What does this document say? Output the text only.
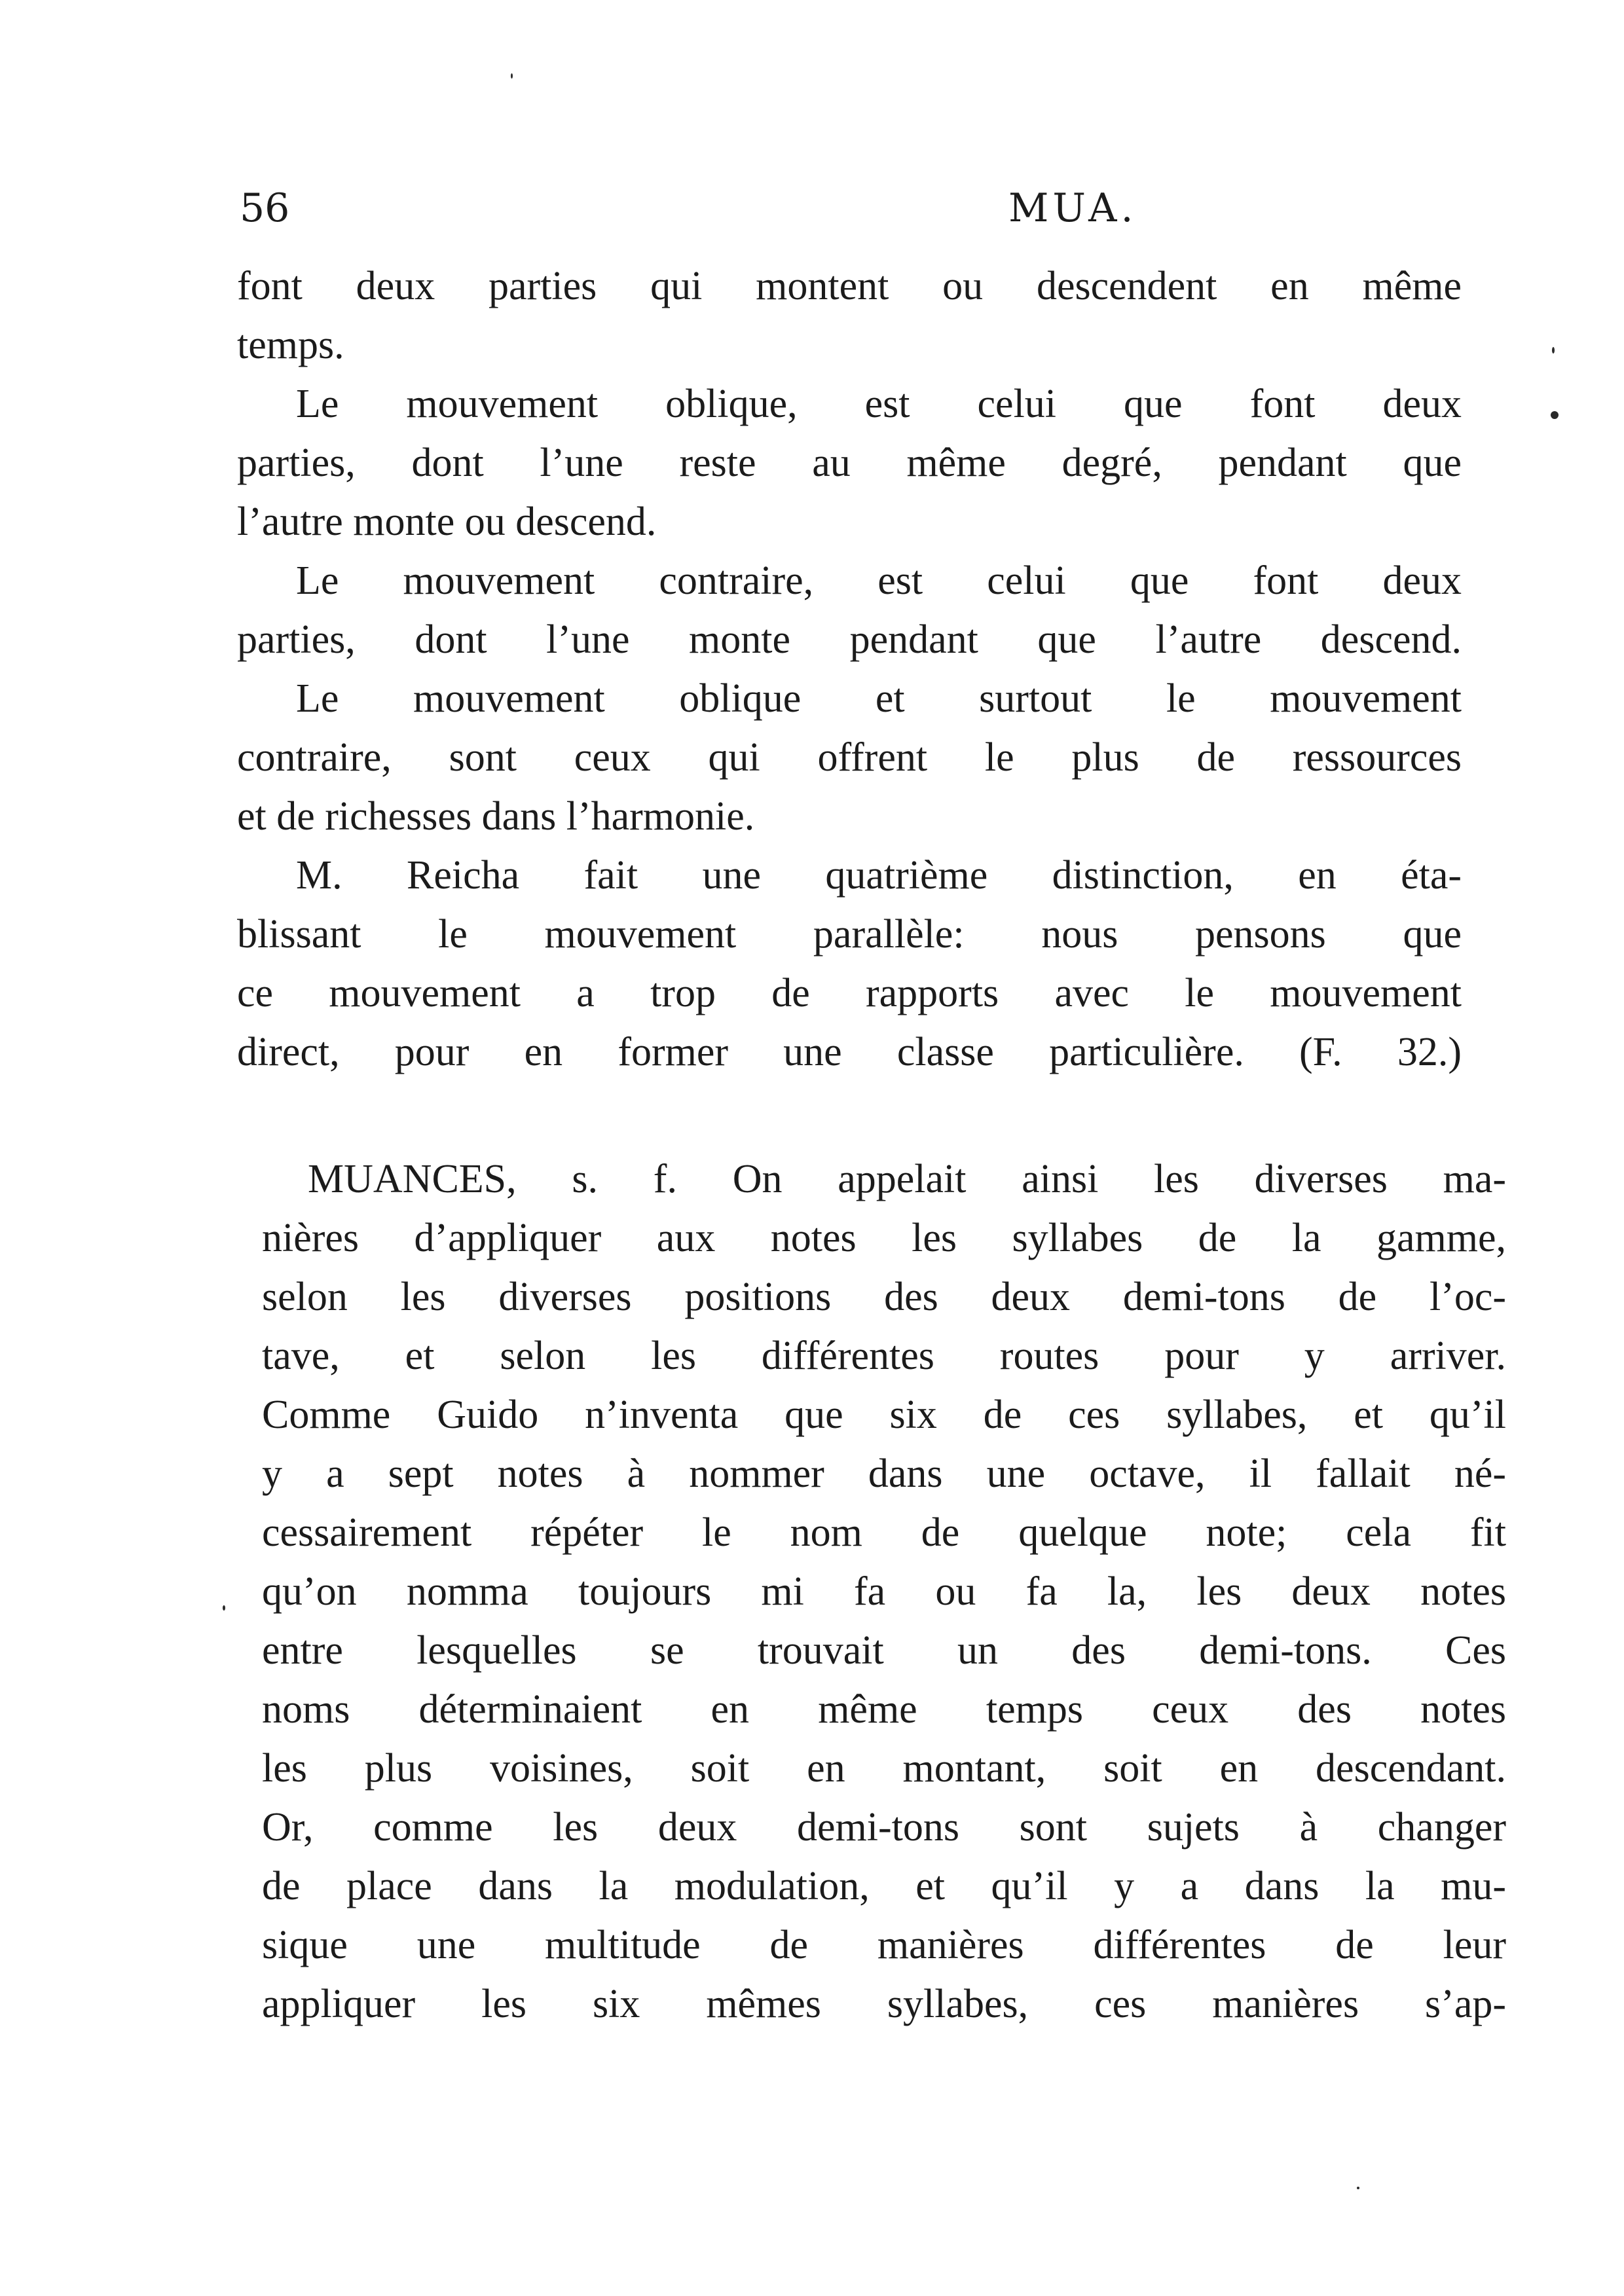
56	MUA.
font deux parties qui montent ou descendent en même
temps.
Le mouvement oblique, est celui que font deux
parties, dont l’une reste au même degré, pendant que
l’autre monte ou descend.
Le mouvement contraire, est celui que font deux
parties, dont l’une monte pendant que l’autre descend.
Le mouvement oblique et surtout le mouvement
contraire, sont ceux qui offrent le plus de ressources
et de richesses dans l’harmonie.
M. Reicha fait une quatrième distinction, en éta-
blissant le mouvement parallèle: nous pensons que
ce mouvement a trop de rapports avec le mouvement
direct, pour en former une classe particulière. (F. 32.)
MUANCES, s. f. On appelait ainsi les diverses ma-
nières d’appliquer aux notes les syllabes de la gamme,
selon les diverses positions des deux demi-tons de l’oc-
tave, et selon les différentes routes pour y arriver.
Comme Guido n’inventa que six de ces syllabes, et qu’il
y a sept notes à nommer dans une octave, il fallait né-
cessairement répéter le nom de quelque note; cela fit
qu’on nomma toujours mi fa ou fa la, les deux notes
entre lesquelles se trouvait un des demi-tons. Ces
noms déterminaient en même temps ceux des notes
les plus voisines, soit en montant, soit en descendant.
Or, comme les deux demi-tons sont sujets à changer
de place dans la modulation, et qu’il y a dans la mu-
sique une multitude de manières différentes de leur
appliquer les six mêmes syllabes, ces manières s’ap-
